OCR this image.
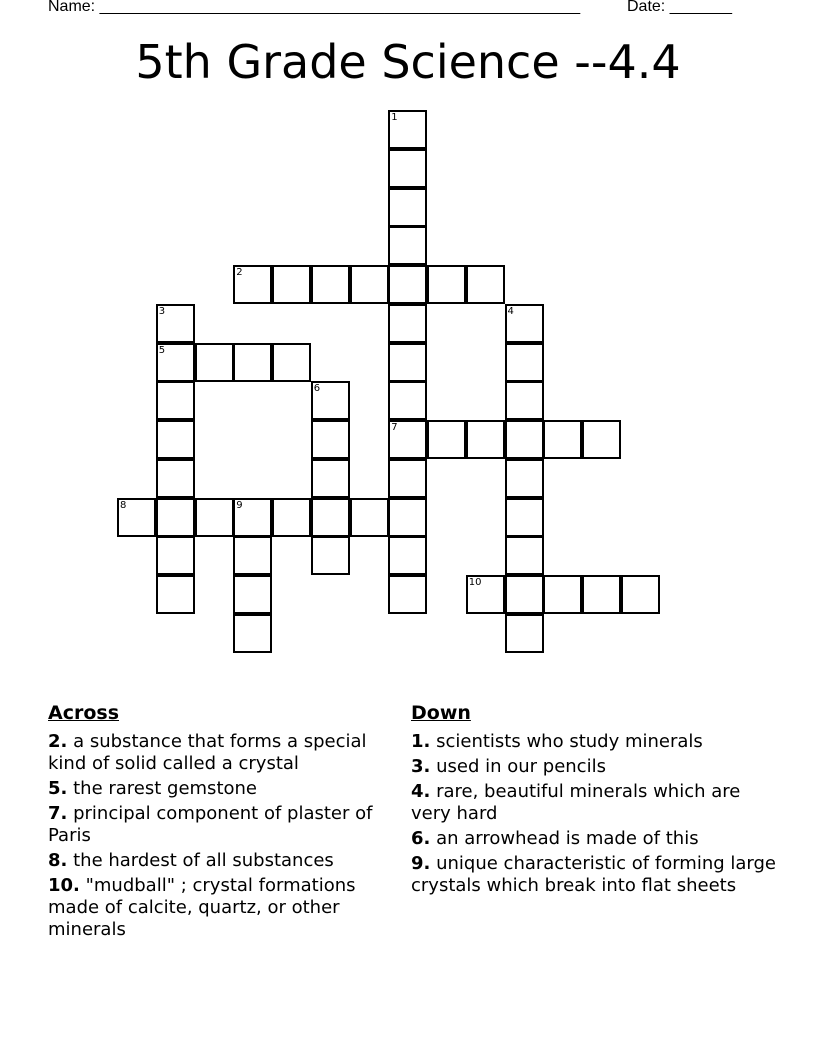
Name: ______________________________________________________	Date: _______
5th Grade Science --4.4
1
2
3	4
5
6
7
8	9
10
Across
2. a substance that forms a special kind of solid called a crystal
5. the rarest gemstone
7. principal component of plaster of Paris
8. the hardest of all substances
10. "mudball" ; crystal formations made of calcite, quartz, or other minerals
Down
1. scientists who study minerals
3. used in our pencils
4. rare, beautiful minerals which are very hard
6. an arrowhead is made of this
9. unique characteristic of forming large crystals which break into flat sheets
